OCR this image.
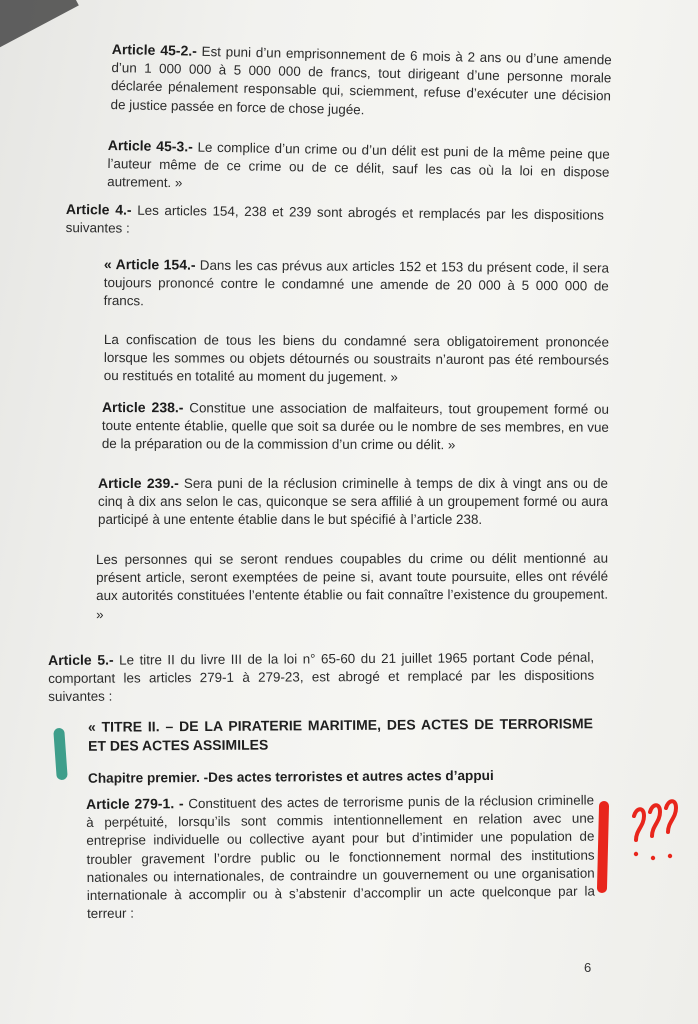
Article 45-2.- Est puni d’un emprisonnement de 6 mois à 2 ans ou d’une amende d’un 1 000 000 à 5 000 000 de francs, tout dirigeant d’une personne morale déclarée pénalement responsable qui, sciemment, refuse d’exécuter une décision de justice passée en force de chose jugée.
Article 45-3.- Le complice d’un crime ou d’un délit est puni de la même peine que l’auteur même de ce crime ou de ce délit, sauf les cas où la loi en dispose autrement. »
Article 4.- Les articles 154, 238 et 239 sont abrogés et remplacés par les dispositions suivantes :
« Article 154.- Dans les cas prévus aux articles 152 et 153 du présent code, il sera toujours prononcé contre le condamné une amende de 20 000 à 5 000 000 de francs.
La confiscation de tous les biens du condamné sera obligatoirement prononcée lorsque les sommes ou objets détournés ou soustraits n’auront pas été remboursés ou restitués en totalité au moment du jugement. »
Article 238.- Constitue une association de malfaiteurs, tout groupement formé ou toute entente établie, quelle que soit sa durée ou le nombre de ses membres, en vue de la préparation ou de la commission d’un crime ou délit. »
Article 239.- Sera puni de la réclusion criminelle à temps de dix à vingt ans ou de cinq à dix ans selon le cas, quiconque se sera affilié à un groupement formé ou aura participé à une entente établie dans le but spécifié à l’article 238.
Les personnes qui se seront rendues coupables du crime ou délit mentionné au présent article, seront exemptées de peine si, avant toute poursuite, elles ont révélé aux autorités constituées l’entente établie ou fait connaître l’existence du groupement. »
Article 5.- Le titre II du livre III de la loi n° 65-60 du 21 juillet 1965 portant Code pénal, comportant les articles 279-1 à 279-23, est abrogé et remplacé par les dispositions suivantes :
« TITRE II. – DE LA PIRATERIE MARITIME, DES ACTES DE TERRORISME ET DES ACTES ASSIMILES
Chapitre premier. -Des actes terroristes et autres actes d’appui
Article 279-1. - Constituent des actes de terrorisme punis de la réclusion criminelle à perpétuité, lorsqu’ils sont commis intentionnellement en relation avec une entreprise individuelle ou collective ayant pour but d’intimider une population de troubler gravement l’ordre public ou le fonctionnement normal des institutions nationales ou internationales, de contraindre un gouvernement ou une organisation internationale à accomplir ou à s’abstenir d’accomplir un acte quelconque par la terreur :
6
